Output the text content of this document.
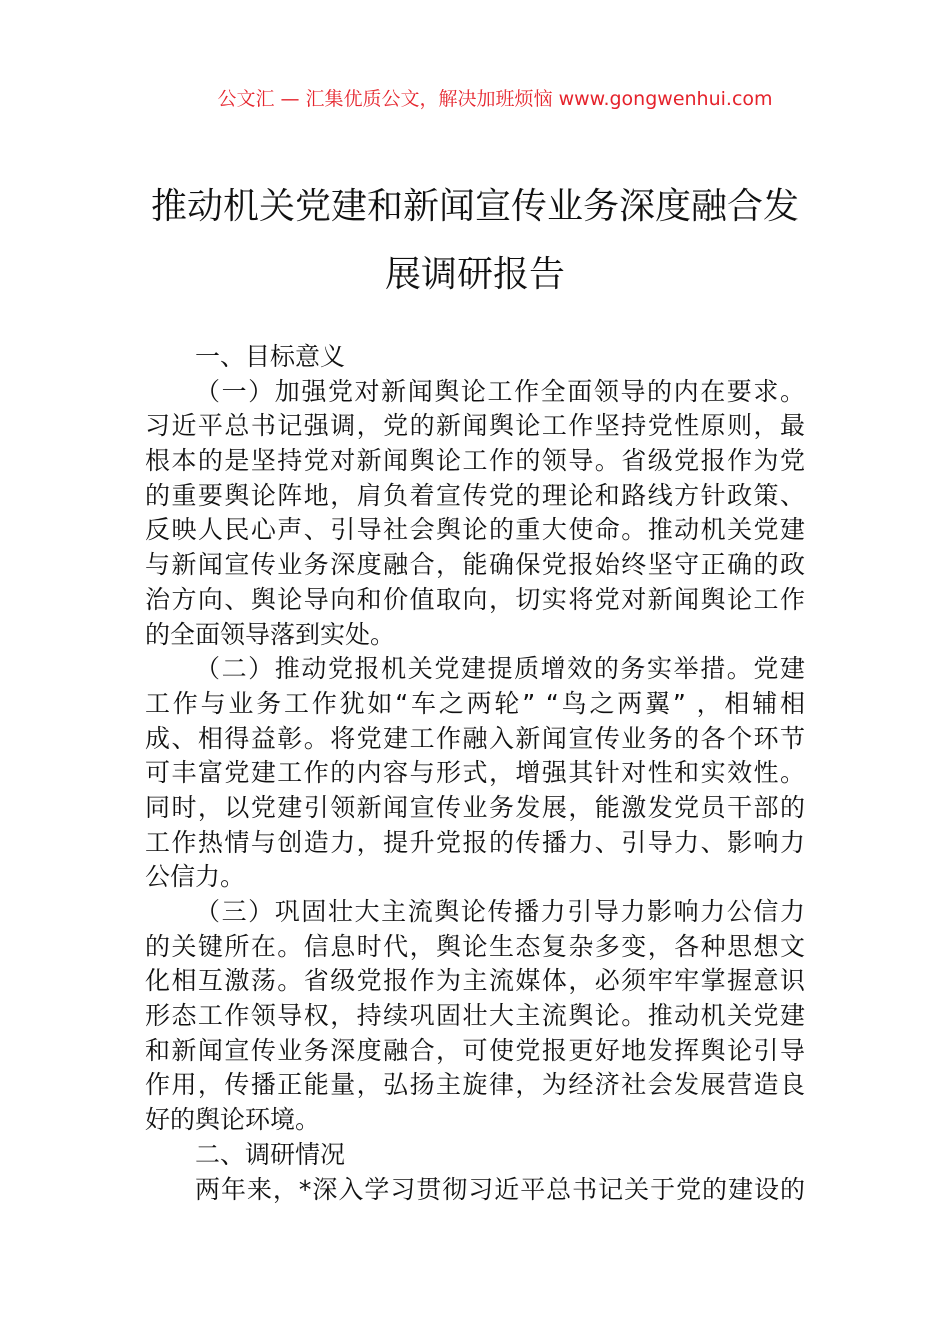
公文汇 — 汇集优质公文，解决加班烦恼 www.gongwenhui.com
推动机关党建和新闻宣传业务深度融合发
展调研报告
一、目标意义
（一）加强党对新闻舆论工作全面领导的内在要求。
习近平总书记强调，党的新闻舆论工作坚持党性原则，最
根本的是坚持党对新闻舆论工作的领导。省级党报作为党
的重要舆论阵地，肩负着宣传党的理论和路线方针政策、
反映人民心声、引导社会舆论的重大使命。推动机关党建
与新闻宣传业务深度融合，能确保党报始终坚守正确的政
治方向、舆论导向和价值取向，切实将党对新闻舆论工作
的全面领导落到实处。
（二）推动党报机关党建提质增效的务实举措。党建
工作与业务工作犹如“车之两轮” “鸟之两翼” ，相辅相
成、相得益彰。将党建工作融入新闻宣传业务的各个环节
可丰富党建工作的内容与形式，增强其针对性和实效性。
同时，以党建引领新闻宣传业务发展，能激发党员干部的
工作热情与创造力，提升党报的传播力、引导力、影响力
公信力。
（三）巩固壮大主流舆论传播力引导力影响力公信力
的关键所在。信息时代，舆论生态复杂多变，各种思想文
化相互激荡。省级党报作为主流媒体，必须牢牢掌握意识
形态工作领导权，持续巩固壮大主流舆论。推动机关党建
和新闻宣传业务深度融合，可使党报更好地发挥舆论引导
作用，传播正能量，弘扬主旋律，为经济社会发展营造良
好的舆论环境。
二、调研情况
两年来，*深入学习贯彻习近平总书记关于党的建设的
